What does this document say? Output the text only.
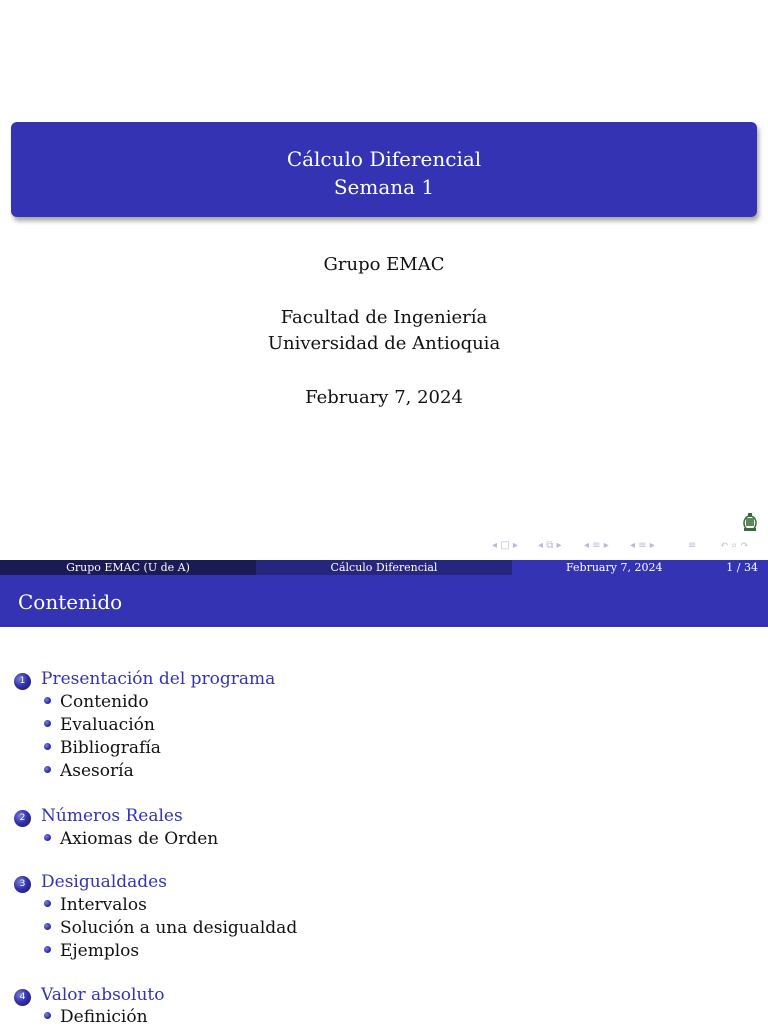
Cálculo Diferencial
Semana 1
Grupo EMAC
Facultad de Ingeniería
Universidad de Antioquia
February 7, 2024
◂ □ ▸ ◂ ⧉ ▸ ◂ ≡ ▸ ◂ ≡ ▸	≡ ↶ ⌕ ↷
Grupo EMAC (U de A)	Cálculo Diferencial	February 7, 2024	1 / 34
Contenido
1 Presentación del programa
Contenido
Evaluación
Bibliografía
Asesoría
2 Números Reales
Axiomas de Orden
3 Desigualdades
Intervalos
Solución a una desigualdad
Ejemplos
4 Valor absoluto
Definición
